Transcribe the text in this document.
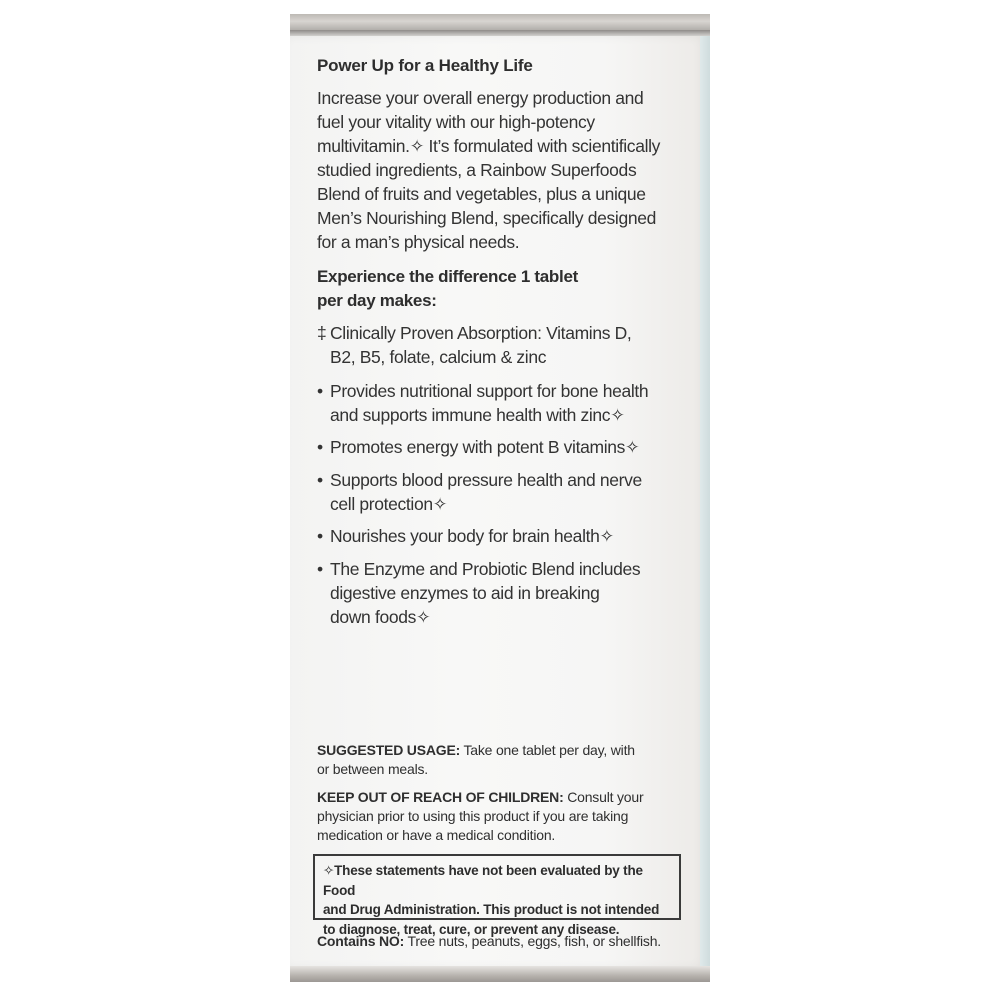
Power Up for a Healthy Life
Increase your overall energy production and
fuel your vitality with our high-potency
multivitamin.✧ It’s formulated with scientifically
studied ingredients, a Rainbow Superfoods
Blend of fruits and vegetables, plus a unique
Men’s Nourishing Blend, specifically designed
for a man’s physical needs.
Experience the difference 1 tablet
per day makes:
‡ Clinically Proven Absorption: Vitamins D,
B2, B5, folate, calcium & zinc
• Provides nutritional support for bone health
and supports immune health with zinc✧
• Promotes energy with potent B vitamins✧
• Supports blood pressure health and nerve
cell protection✧
• Nourishes your body for brain health✧
• The Enzyme and Probiotic Blend includes
digestive enzymes to aid in breaking
down foods✧
SUGGESTED USAGE: Take one tablet per day, with
or between meals.
KEEP OUT OF REACH OF CHILDREN: Consult your
physician prior to using this product if you are taking
medication or have a medical condition.
✧These statements have not been evaluated by the Food
and Drug Administration. This product is not intended
to diagnose, treat, cure, or prevent any disease.
Contains NO: Tree nuts, peanuts, eggs, fish, or shellfish.
